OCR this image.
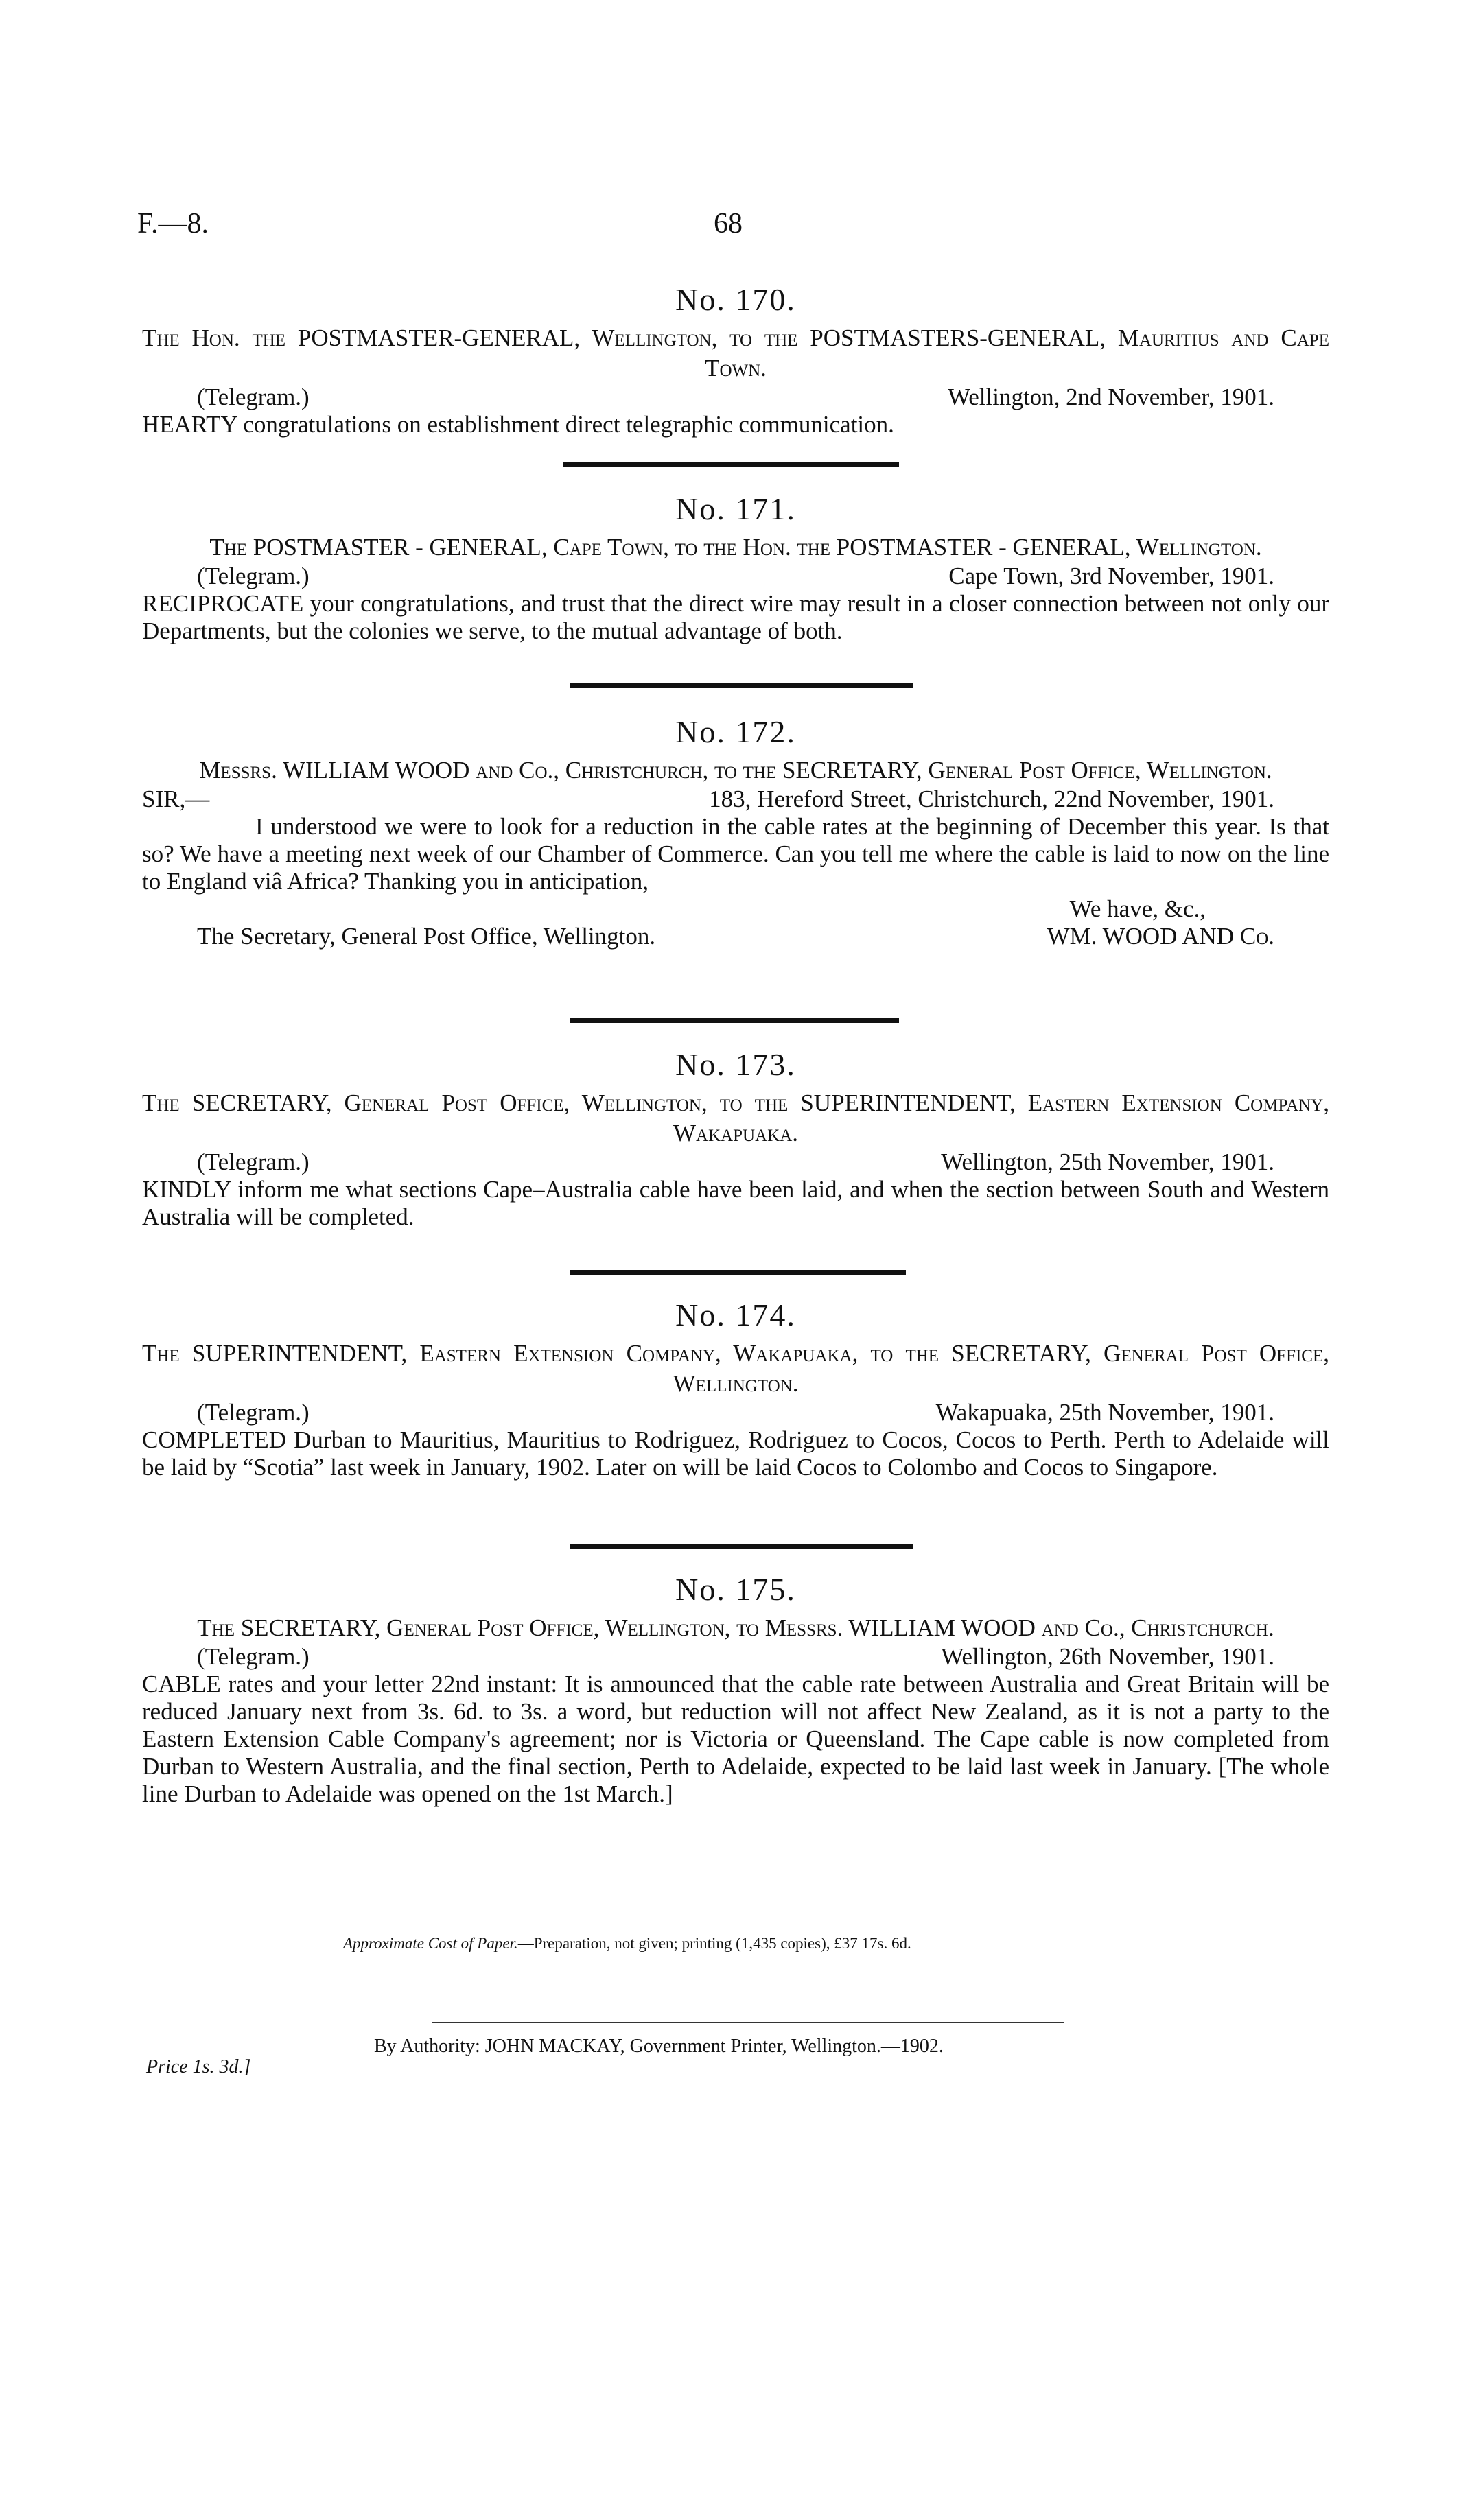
F.—8.	68

No. 170.

The Hon. the POSTMASTER-GENERAL, Wellington, to the POSTMASTERS-GENERAL, Mauritius and Cape Town.

(Telegram.)	Wellington, 2nd November, 1901.

HEARTY congratulations on establishment direct telegraphic communication.

No. 171.

The POSTMASTER - GENERAL, Cape Town, to the Hon. the POSTMASTER - GENERAL, Wellington.

(Telegram.)	Cape Town, 3rd November, 1901.

RECIPROCATE your congratulations, and trust that the direct wire may result in a closer connection between not only our Departments, but the colonies we serve, to the mutual advantage of both.

No. 172.

Messrs. WILLIAM WOOD and Co., Christchurch, to the SECRETARY, General Post Office, Wellington.

SIR,—	183, Hereford Street, Christchurch, 22nd November, 1901.

I understood we were to look for a reduction in the cable rates at the beginning of December this year. Is that so? We have a meeting next week of our Chamber of Commerce. Can you tell me where the cable is laid to now on the line to England viâ Africa? Thanking you in anticipation,

We have, &c.,
The Secretary, General Post Office, Wellington.	WM. WOOD AND Co.

No. 173.

The SECRETARY, General Post Office, Wellington, to the SUPERINTENDENT, Eastern Extension Company, Wakapuaka.

(Telegram.)	Wellington, 25th November, 1901.

KINDLY inform me what sections Cape–Australia cable have been laid, and when the section between South and Western Australia will be completed.

No. 174.

The SUPERINTENDENT, Eastern Extension Company, Wakapuaka, to the SECRETARY, General Post Office, Wellington.

(Telegram.)	Wakapuaka, 25th November, 1901.

COMPLETED Durban to Mauritius, Mauritius to Rodriguez, Rodriguez to Cocos, Cocos to Perth. Perth to Adelaide will be laid by “Scotia” last week in January, 1902. Later on will be laid Cocos to Colombo and Cocos to Singapore.

No. 175.

The SECRETARY, General Post Office, Wellington, to Messrs. WILLIAM WOOD and Co., Christchurch.

(Telegram.)	Wellington, 26th November, 1901.

CABLE rates and your letter 22nd instant: It is announced that the cable rate between Australia and Great Britain will be reduced January next from 3s. 6d. to 3s. a word, but reduction will not affect New Zealand, as it is not a party to the Eastern Extension Cable Company's agreement; nor is Victoria or Queensland. The Cape cable is now completed from Durban to Western Australia, and the final section, Perth to Adelaide, expected to be laid last week in January. [The whole line Durban to Adelaide was opened on the 1st March.]

Approximate Cost of Paper.—Preparation, not given; printing (1,435 copies), £37 17s. 6d.
By Authority: JOHN MACKAY, Government Printer, Wellington.—1902.
Price 1s. 3d.]
